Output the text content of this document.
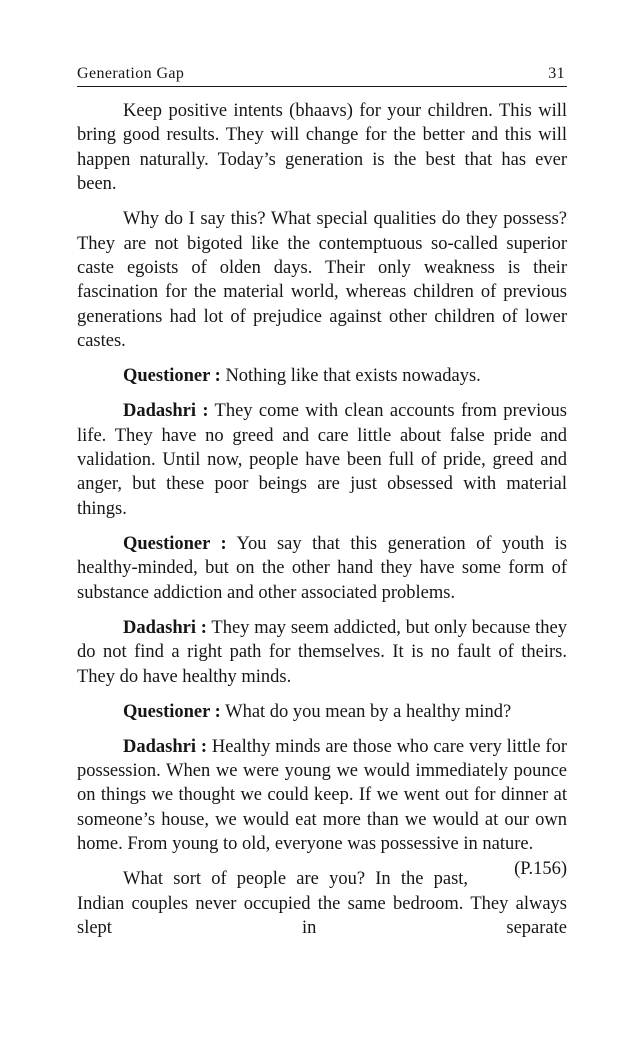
Generation Gap	31

Keep positive intents (bhaavs) for your children. This will bring good results. They will change for the better and this will happen naturally. Today’s generation is the best that has ever been.

Why do I say this? What special qualities do they possess? They are not bigoted like the contemptuous so-called superior caste egoists of olden days. Their only weakness is their fascination for the material world, whereas children of previous generations had lot of prejudice against other children of lower castes.

Questioner : Nothing like that exists nowadays.

Dadashri : They come with clean accounts from previous life. They have no greed and care little about false pride and validation. Until now, people have been full of pride, greed and anger, but these poor beings are just obsessed with material things.

Questioner : You say that this generation of youth is healthy-minded, but on the other hand they have some form of substance addiction and other associated problems.

Dadashri : They may seem addicted, but only because they do not find a right path for themselves. It is no fault of theirs. They do have healthy minds.

Questioner : What do you mean by a healthy mind?

Dadashri : Healthy minds are those who care very little for possession. When we were young we would immediately pounce on things we thought we could keep. If we went out for dinner at someone’s house, we would eat more than we would at our own home. From young to old, everyone was possessive in nature.
(P.156)

What sort of people are you? In the past, Indian couples never occupied the same bedroom. They always slept in separate
